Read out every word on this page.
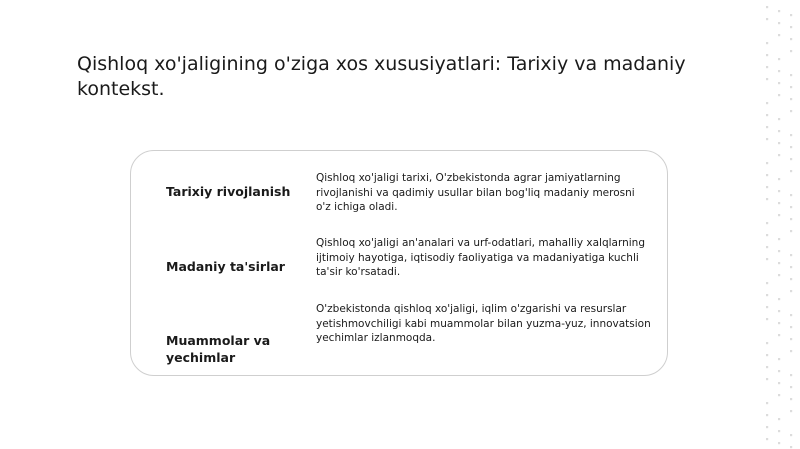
Qishloq xo'jaligining o'ziga xos xususiyatlari: Tarixiy va madaniy kontekst.

Tarixiy rivojlanish

Qishloq xo'jaligi tarixi, O'zbekistonda agrar jamiyatlarning rivojlanishi va qadimiy usullar bilan bog'liq madaniy merosni o'z ichiga oladi.

Madaniy ta'sirlar

Qishloq xo'jaligi an'analari va urf-odatlari, mahalliy xalqlarning ijtimoiy hayotiga, iqtisodiy faoliyatiga va madaniyatiga kuchli ta'sir ko'rsatadi.

Muammolar va yechimlar

O'zbekistonda qishloq xo'jaligi, iqlim o'zgarishi va resurslar yetishmovchiligi kabi muammolar bilan yuzma-yuz, innovatsion yechimlar izlanmoqda.
